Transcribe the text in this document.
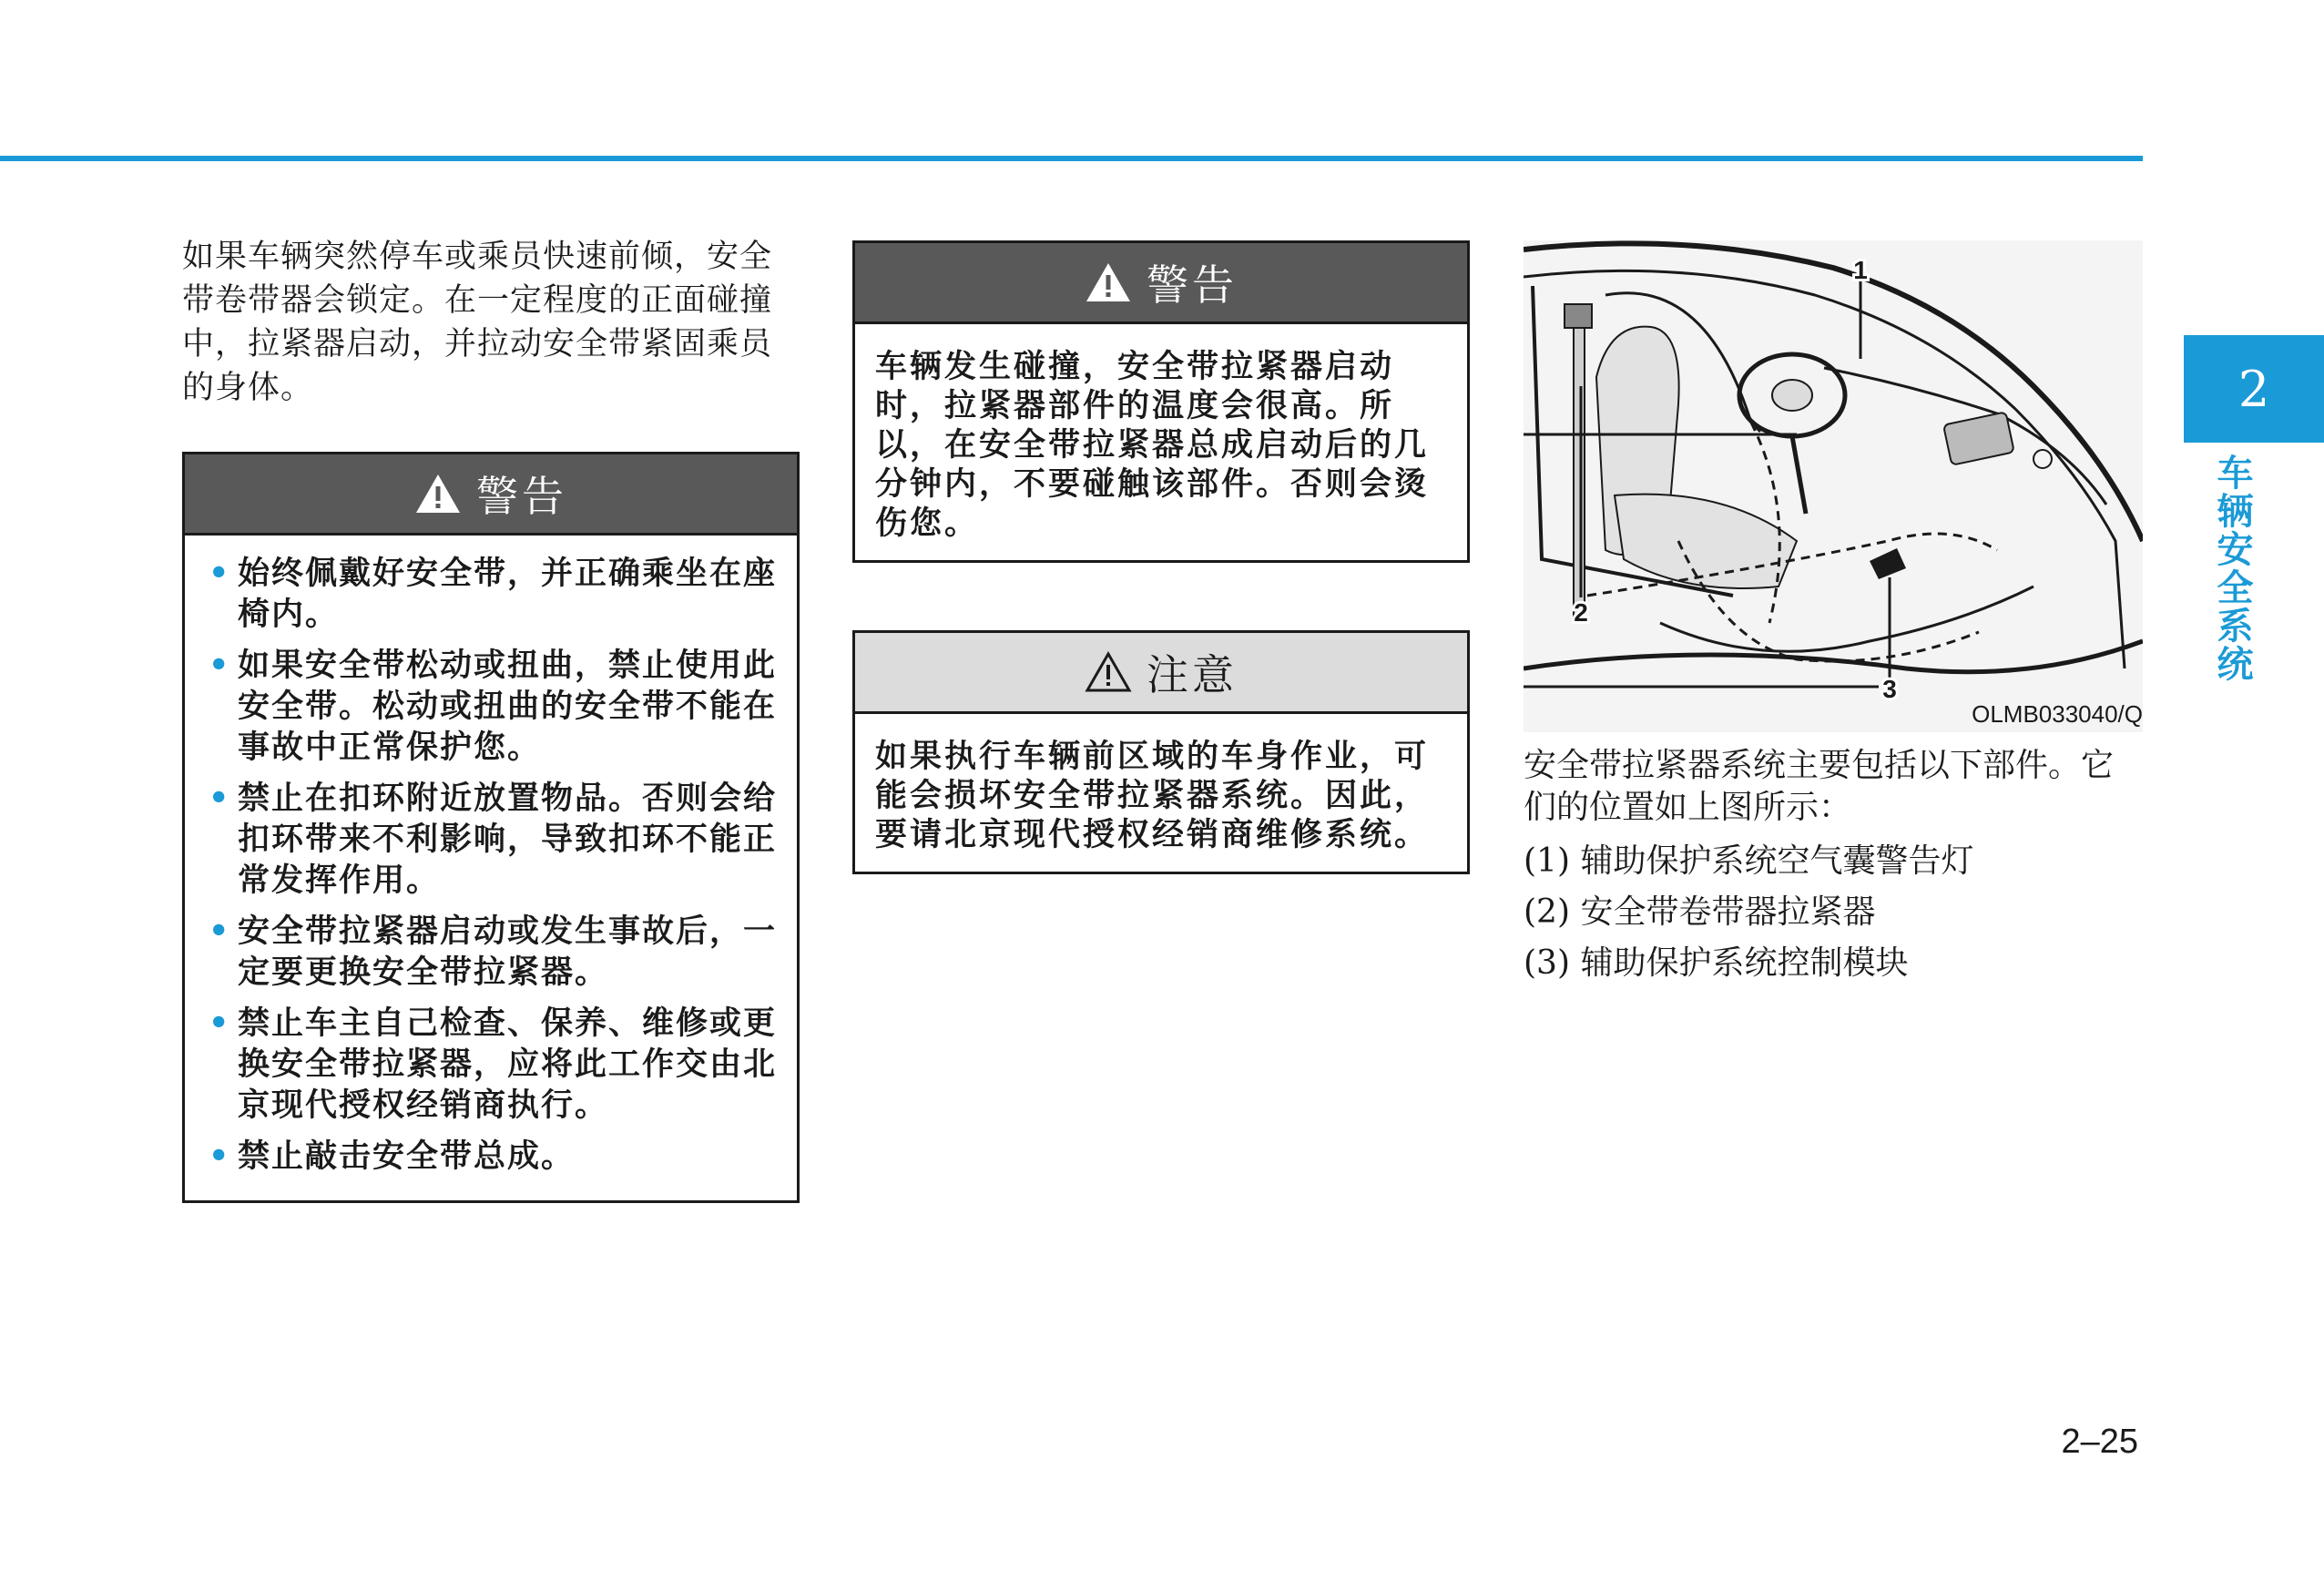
如果车辆突然停车或乘员快速前倾，安全带卷带器会锁定。在一定程度的正面碰撞中，拉紧器启动，并拉动安全带紧固乘员的身体。

警告
• 始终佩戴好安全带，并正确乘坐在座椅内。
• 如果安全带松动或扭曲，禁止使用此安全带。松动或扭曲的安全带不能在事故中正常保护您。
• 禁止在扣环附近放置物品。否则会给扣环带来不利影响，导致扣环不能正常发挥作用。
• 安全带拉紧器启动或发生事故后，一定要更换安全带拉紧器。
• 禁止车主自己检查、保养、维修或更换安全带拉紧器，应将此工作交由北京现代授权经销商执行。
• 禁止敲击安全带总成。
警告

车辆发生碰撞，安全带拉紧器启动时，拉紧器部件的温度会很高。所以，在安全带拉紧器总成启动后的几分钟内，不要碰触该部件。否则会烫伤您。

注意

如果执行车辆前区域的车身作业，可能会损坏安全带拉紧器系统。因此，要请北京现代授权经销商维修系统。

1
2
3
OLMB033040/Q

安全带拉紧器系统主要包括以下部件。它们的位置如上图所示：

(1) 辅助保护系统空气囊警告灯
(2) 安全带卷带器拉紧器
(3) 辅助保护系统控制模块
2
车辆安全系统
2–25
